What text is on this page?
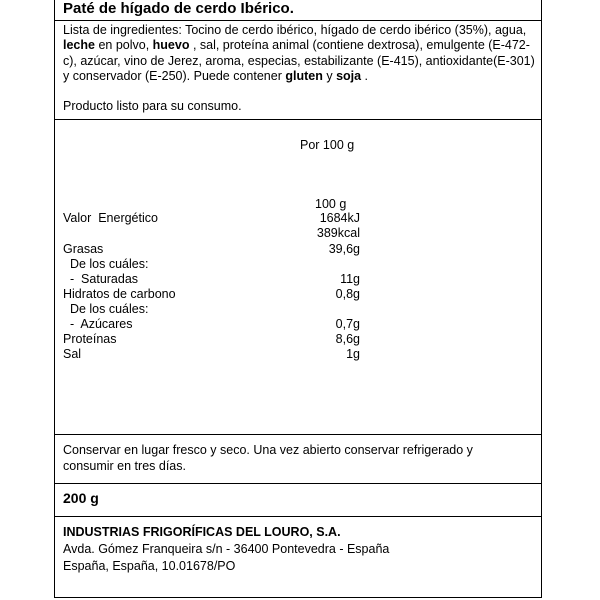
Paté de hígado de cerdo Ibérico.
Lista de ingredientes: Tocino de cerdo ibérico, hígado de cerdo ibérico (35%), agua, leche en polvo, huevo , sal, proteína animal (contiene dextrosa), emulgente (E-472-c), azúcar, vino de Jerez, aroma, especias, estabilizante (E-415), antioxidante(E-301) y conservador (E-250). Puede contener gluten y soja .
Producto listo para su consumo.
Por 100 g
100 g
Valor  Energético	1684kJ
389kcal
Grasas	39,6g
De los cuáles:
-  Saturadas	11g
Hidratos de carbono	0,8g
De los cuáles:
-  Azúcares	0,7g
Proteínas	8,6g
Sal	1g
Conservar en lugar fresco y seco. Una vez abierto conservar refrigerado y
consumir en tres días.
200 g
INDUSTRIAS FRIGORÍFICAS DEL LOURO, S.A.
Avda. Gómez Franqueira s/n - 36400 Pontevedra - España
España, España, 10.01678/PO
